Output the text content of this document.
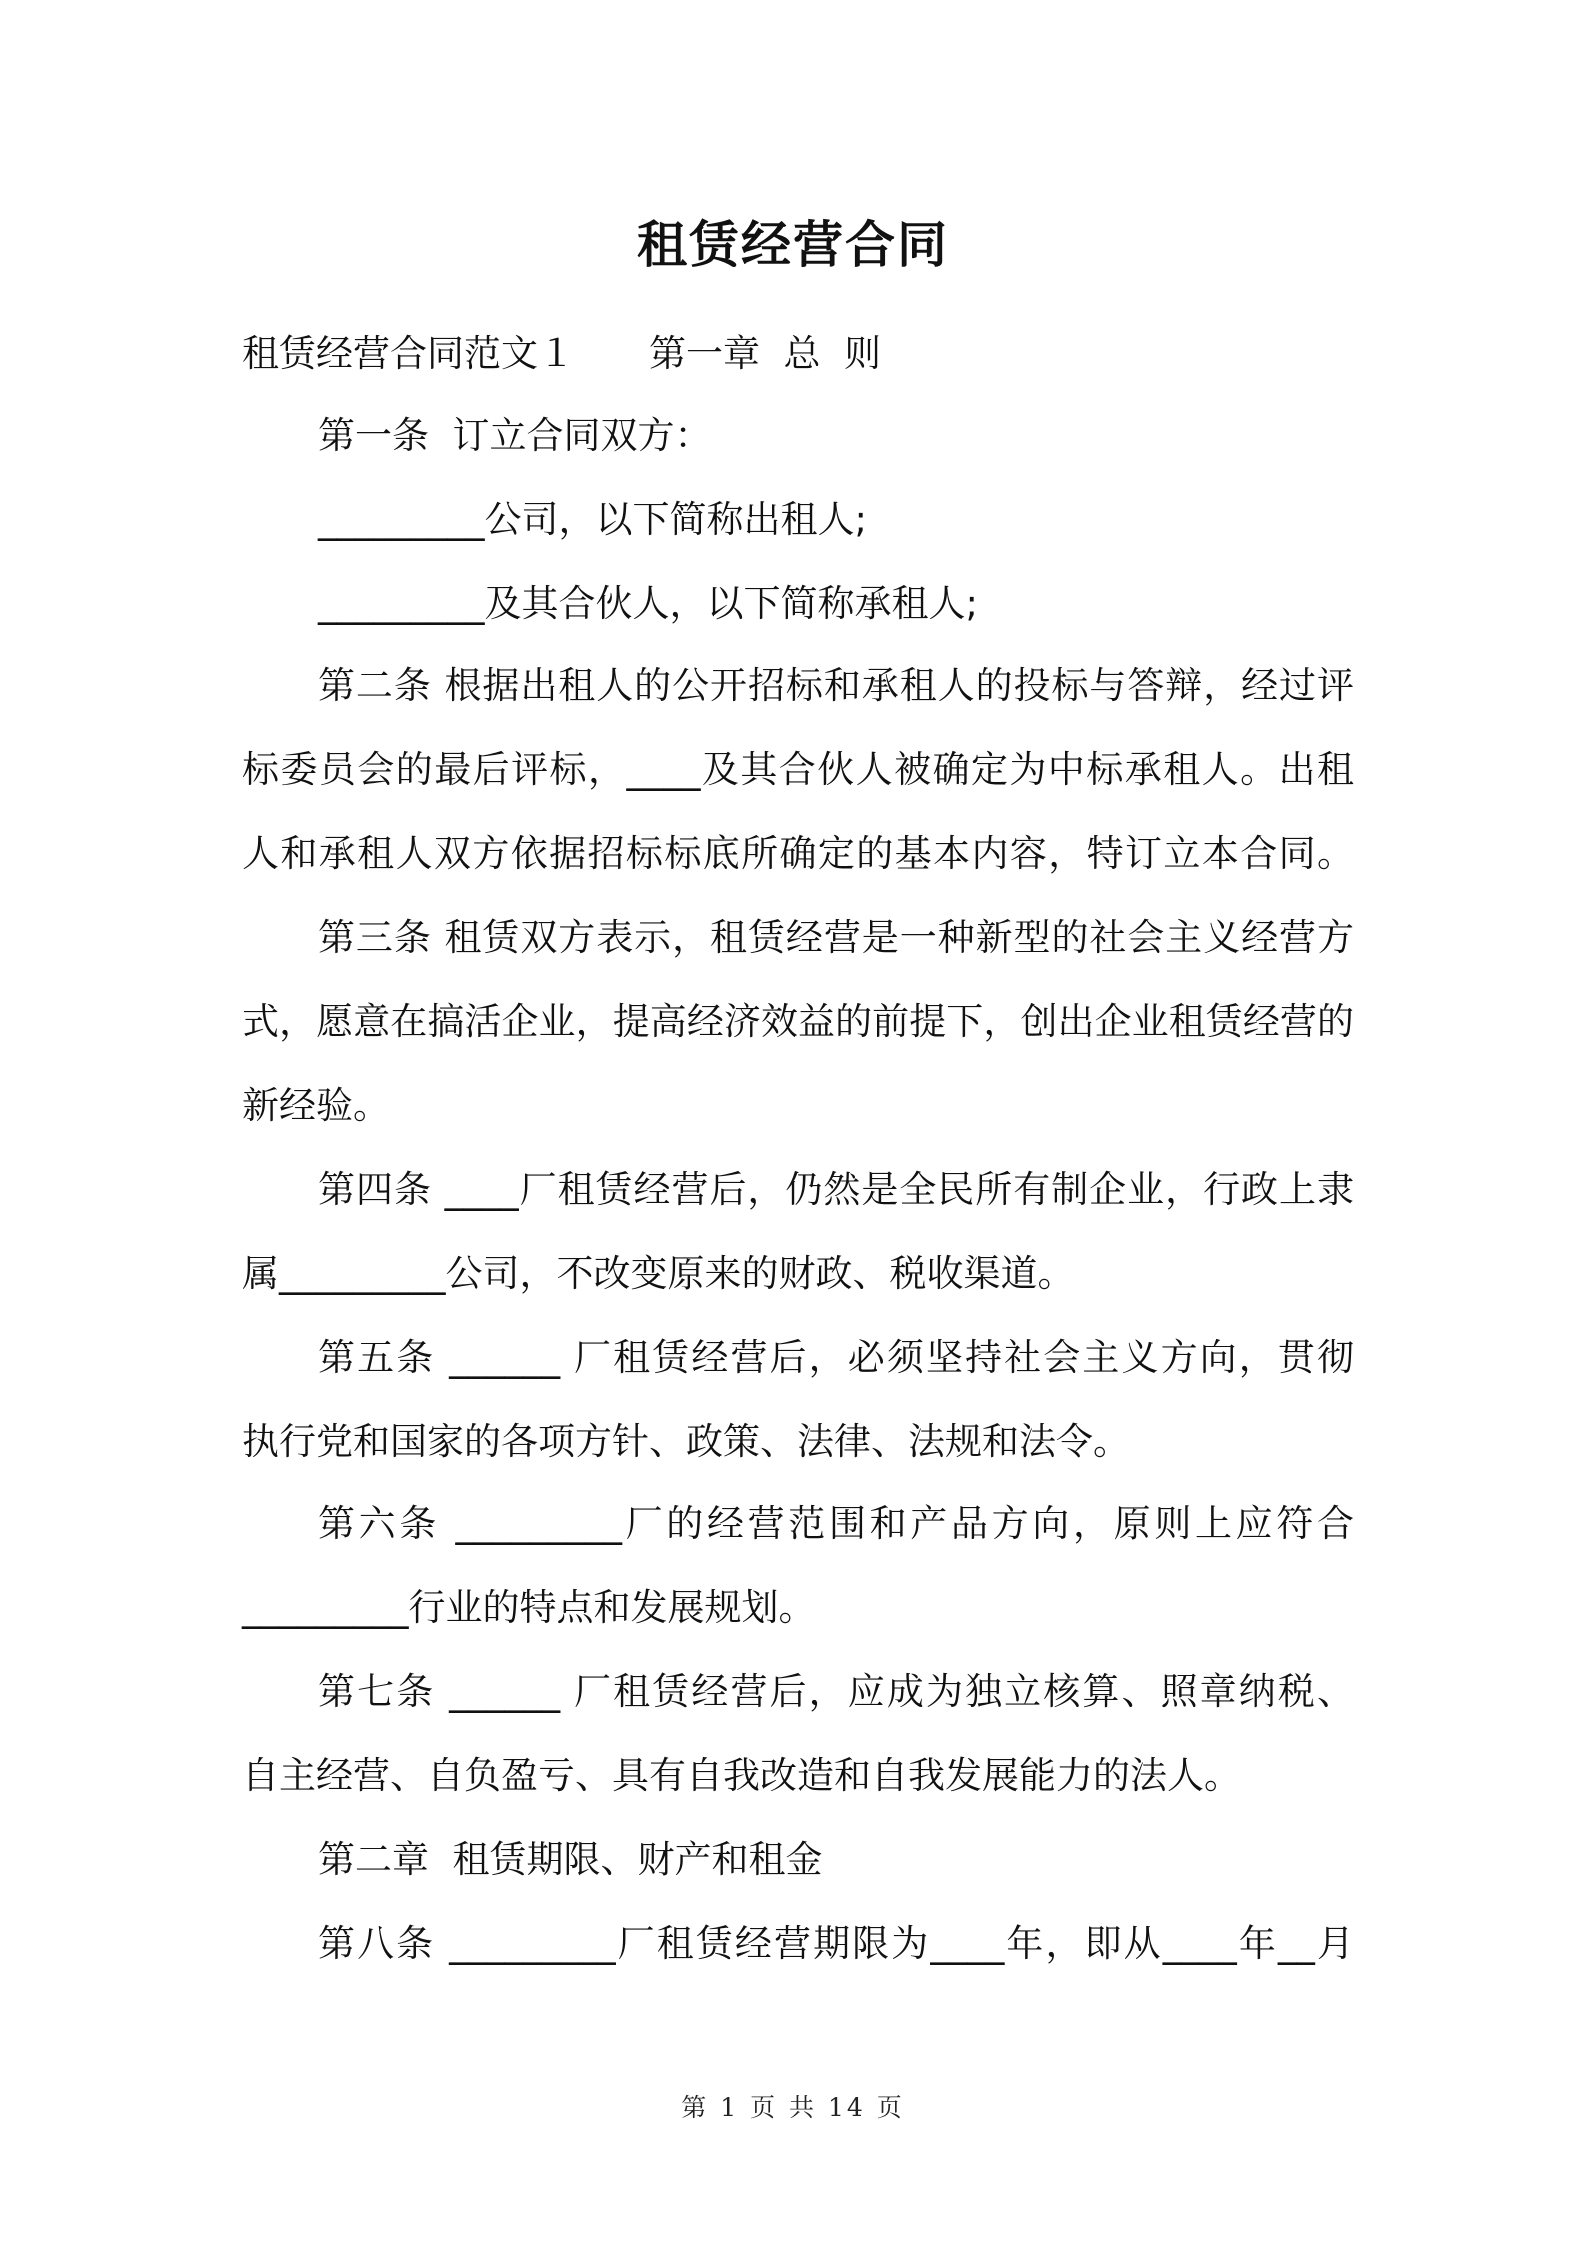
租赁经营合同
租赁经营合同范文１　　第一章  总  则
第一条  订立合同双方：
_________公司，以下简称出租人;
_________及其合伙人，以下简称承租人;
第二条 根据出租人的公开招标和承租人的投标与答辩，经过评
标委员会的最后评标，____及其合伙人被确定为中标承租人。出租
人和承租人双方依据招标标底所确定的基本内容，特订立本合同。
第三条 租赁双方表示，租赁经营是一种新型的社会主义经营方
式，愿意在搞活企业，提高经济效益的前提下，创出企业租赁经营的
新经验。
第四条 ____厂租赁经营后，仍然是全民所有制企业，行政上隶
属_________公司，不改变原来的财政、税收渠道。
第五条 ______ 厂租赁经营后，必须坚持社会主义方向，贯彻
执行党和国家的各项方针、政策、法律、法规和法令。
第六条 _________厂的经营范围和产品方向，原则上应符合
_________行业的特点和发展规划。
第七条 ______ 厂租赁经营后，应成为独立核算、照章纳税、
自主经营、自负盈亏、具有自我改造和自我发展能力的法人。
第二章  租赁期限、财产和租金
第八条 _________厂租赁经营期限为____年，即从____年__月
第 1 页 共 14 页
